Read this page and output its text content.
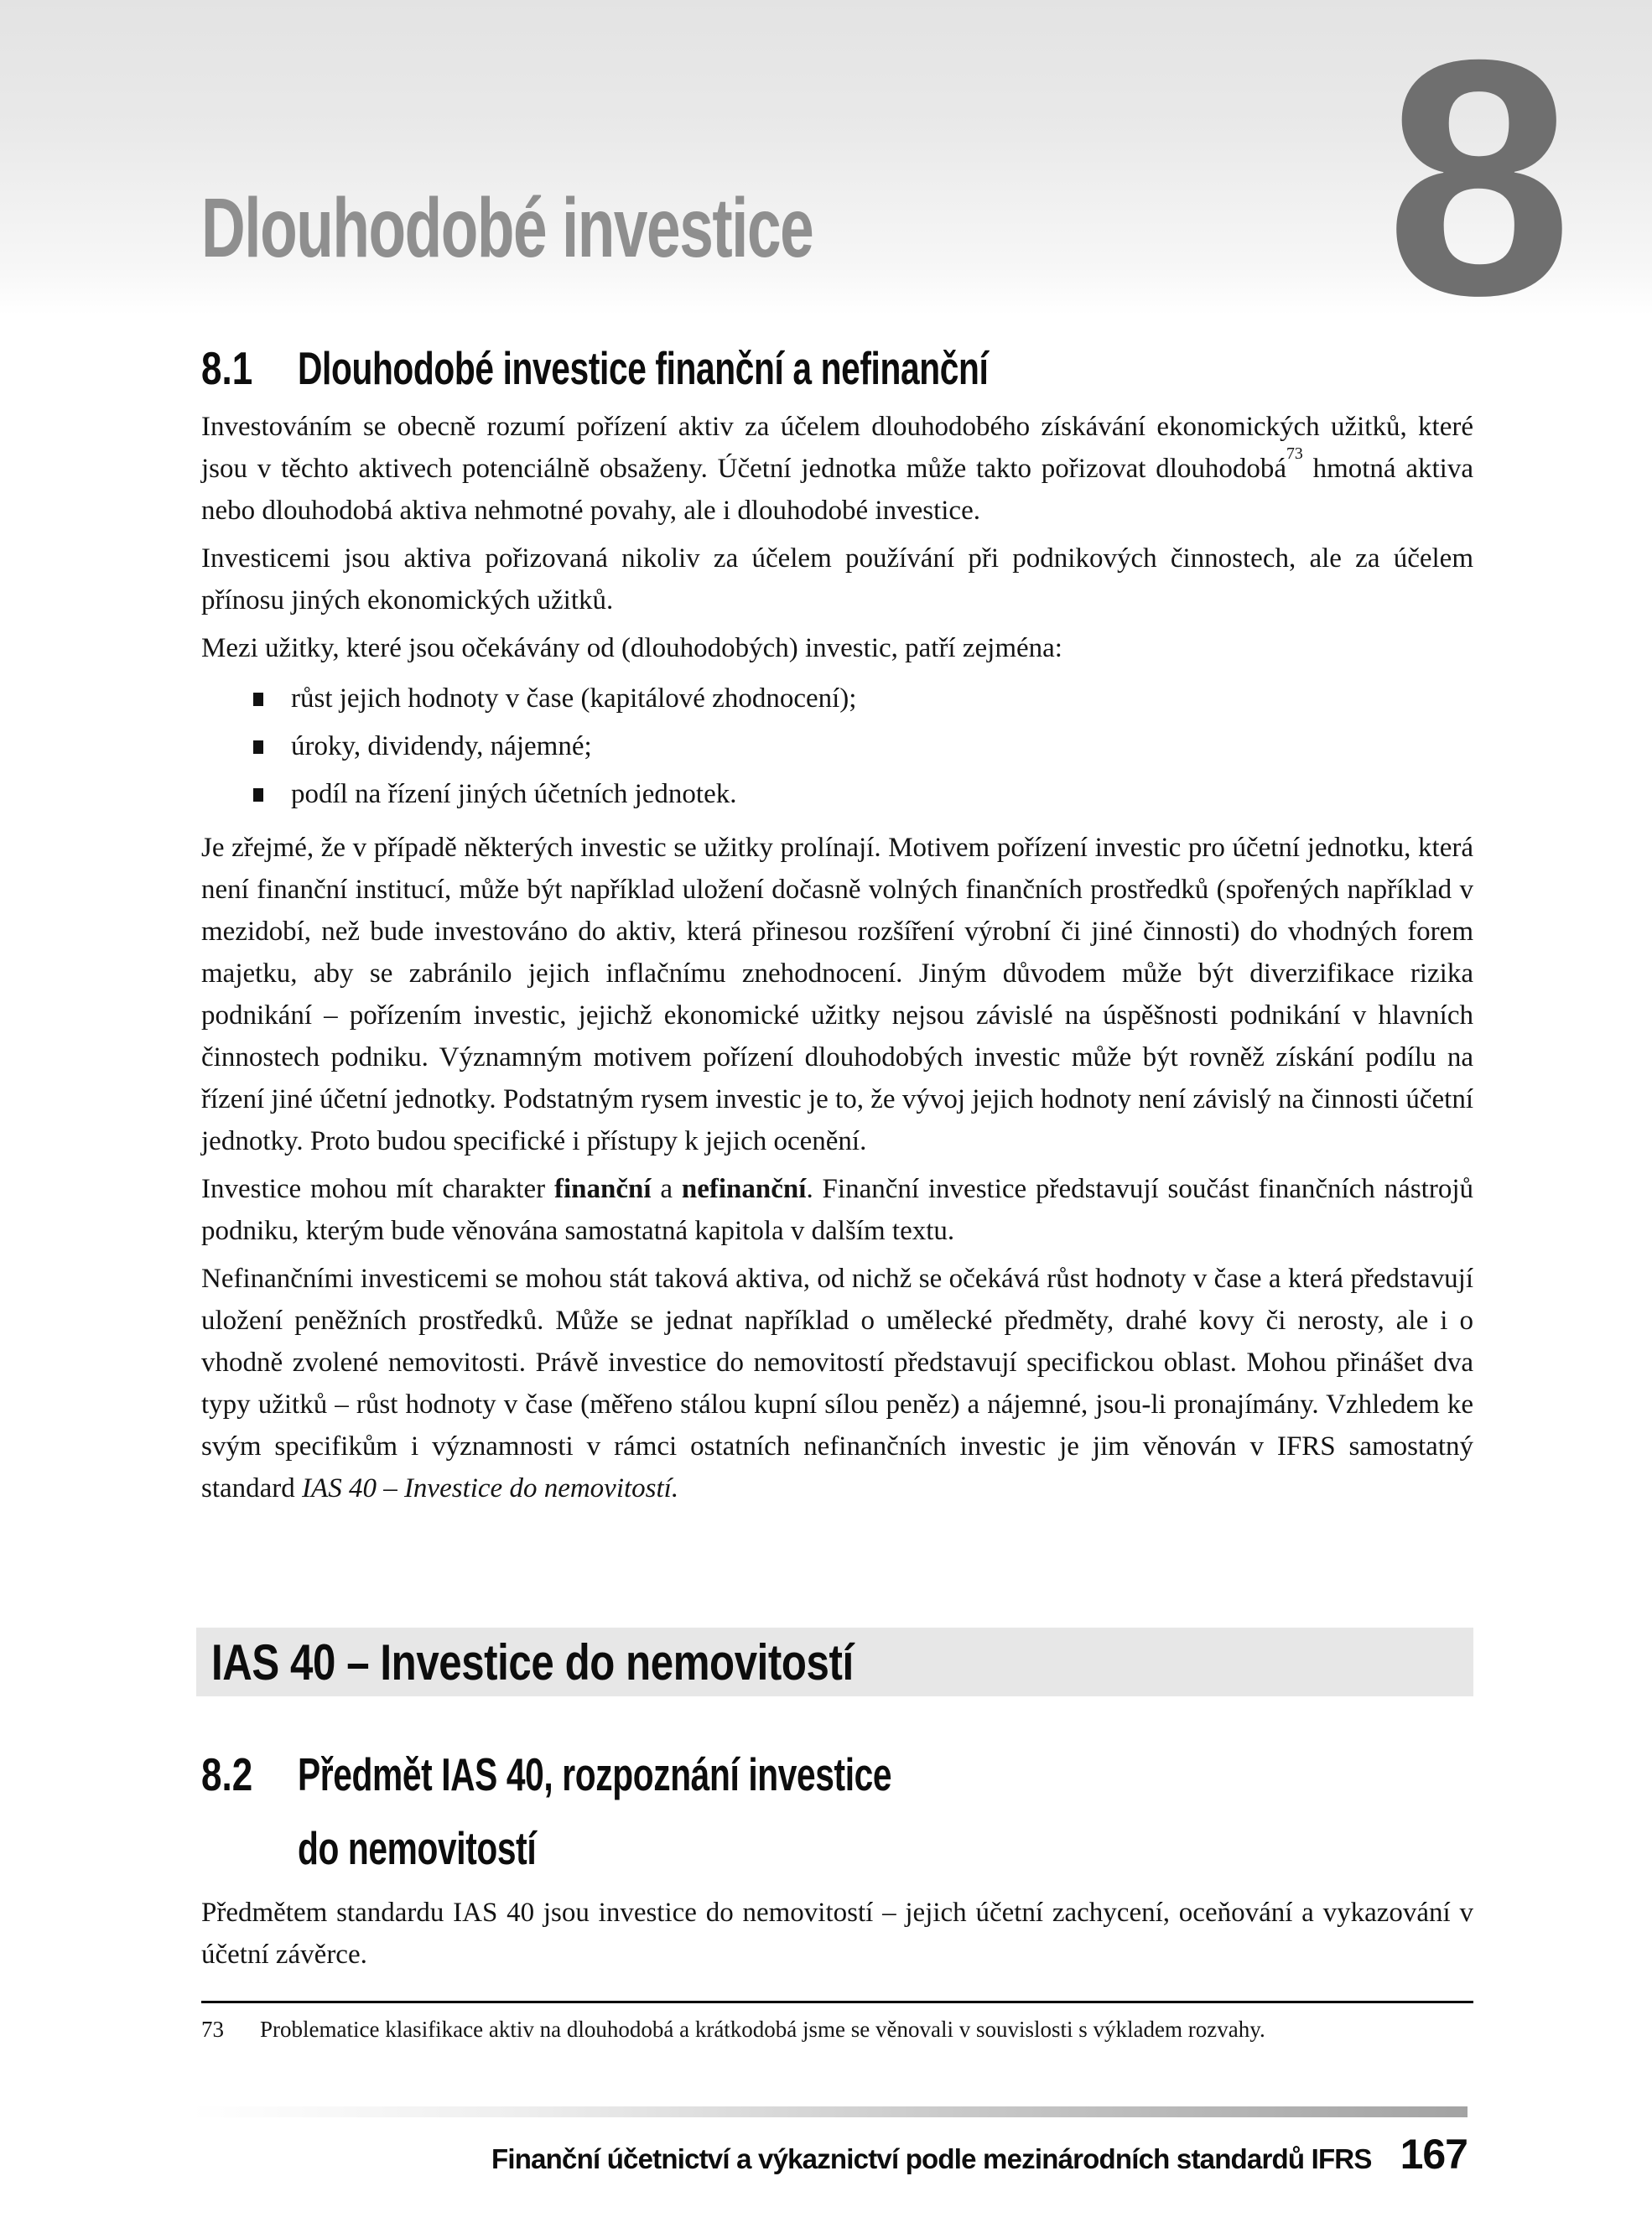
Dlouhodobé investice 8
8.1 Dlouhodobé investice finanční a nefinanční

Investováním se obecně rozumí pořízení aktiv za účelem dlouhodobého získávání ekonomických užitků, které jsou v těchto aktivech potenciálně obsaženy. Účetní jednotka může takto pořizovat dlouhodobá$^{73}$ hmotná aktiva nebo dlouhodobá aktiva nehmotné povahy, ale i dlouhodobé investice.

Investicemi jsou aktiva pořizovaná nikoliv za účelem používání při podnikových činnostech, ale za účelem přínosu jiných ekonomických užitků.

Mezi užitky, které jsou očekávány od (dlouhodobých) investic, patří zejména:

růst jejich hodnoty v čase (kapitálové zhodnocení);
úroky, dividendy, nájemné;
podíl na řízení jiných účetních jednotek.

Je zřejmé, že v případě některých investic se užitky prolínají. Motivem pořízení investic pro účetní jednotku, která není finanční institucí, může být například uložení dočasně volných finančních prostředků (spořených například v mezidobí, než bude investováno do aktiv, která přinesou rozšíření výrobní či jiné činnosti) do vhodných forem majetku, aby se zabránilo jejich inflačnímu znehodnocení. Jiným důvodem může být diverzifikace rizika podnikání – pořízením investic, jejichž ekonomické užitky nejsou závislé na úspěšnosti podnikání v hlavních činnostech podniku. Významným motivem pořízení dlouhodobých investic může být rovněž získání podílu na řízení jiné účetní jednotky. Podstatným rysem investic je to, že vývoj jejich hodnoty není závislý na činnosti účetní jednotky. Proto budou specifické i přístupy k jejich ocenění.

Investice mohou mít charakter finanční a nefinanční. Finanční investice představují součást finančních nástrojů podniku, kterým bude věnována samostatná kapitola v dalším textu.

Nefinančními investicemi se mohou stát taková aktiva, od nichž se očekává růst hodnoty v čase a která představují uložení peněžních prostředků. Může se jednat například o umělecké předměty, drahé kovy či nerosty, ale i o vhodně zvolené nemovitosti. Právě investice do nemovitostí představují specifickou oblast. Mohou přinášet dva typy užitků – růst hodnoty v čase (měřeno stálou kupní sílou peněz) a nájemné, jsou-li pronajímány. Vzhledem ke svým specifikům i významnosti v rámci ostatních nefinančních investic je jim věnován v IFRS samostatný standard IAS 40 – Investice do nemovitostí.

IAS 40 – Investice do nemovitostí
8.2 Předmět IAS 40, rozpoznání investice
do nemovitostí

Předmětem standardu IAS 40 jsou investice do nemovitostí – jejich účetní zachycení, oceňování a vykazování v účetní závěrce.

73	Problematice klasifikace aktiv na dlouhodobá a krátkodobá jsme se věnovali v souvislosti s výkladem rozvahy.
Finanční účetnictví a výkaznictví podle mezinárodních standardů IFRS 167
